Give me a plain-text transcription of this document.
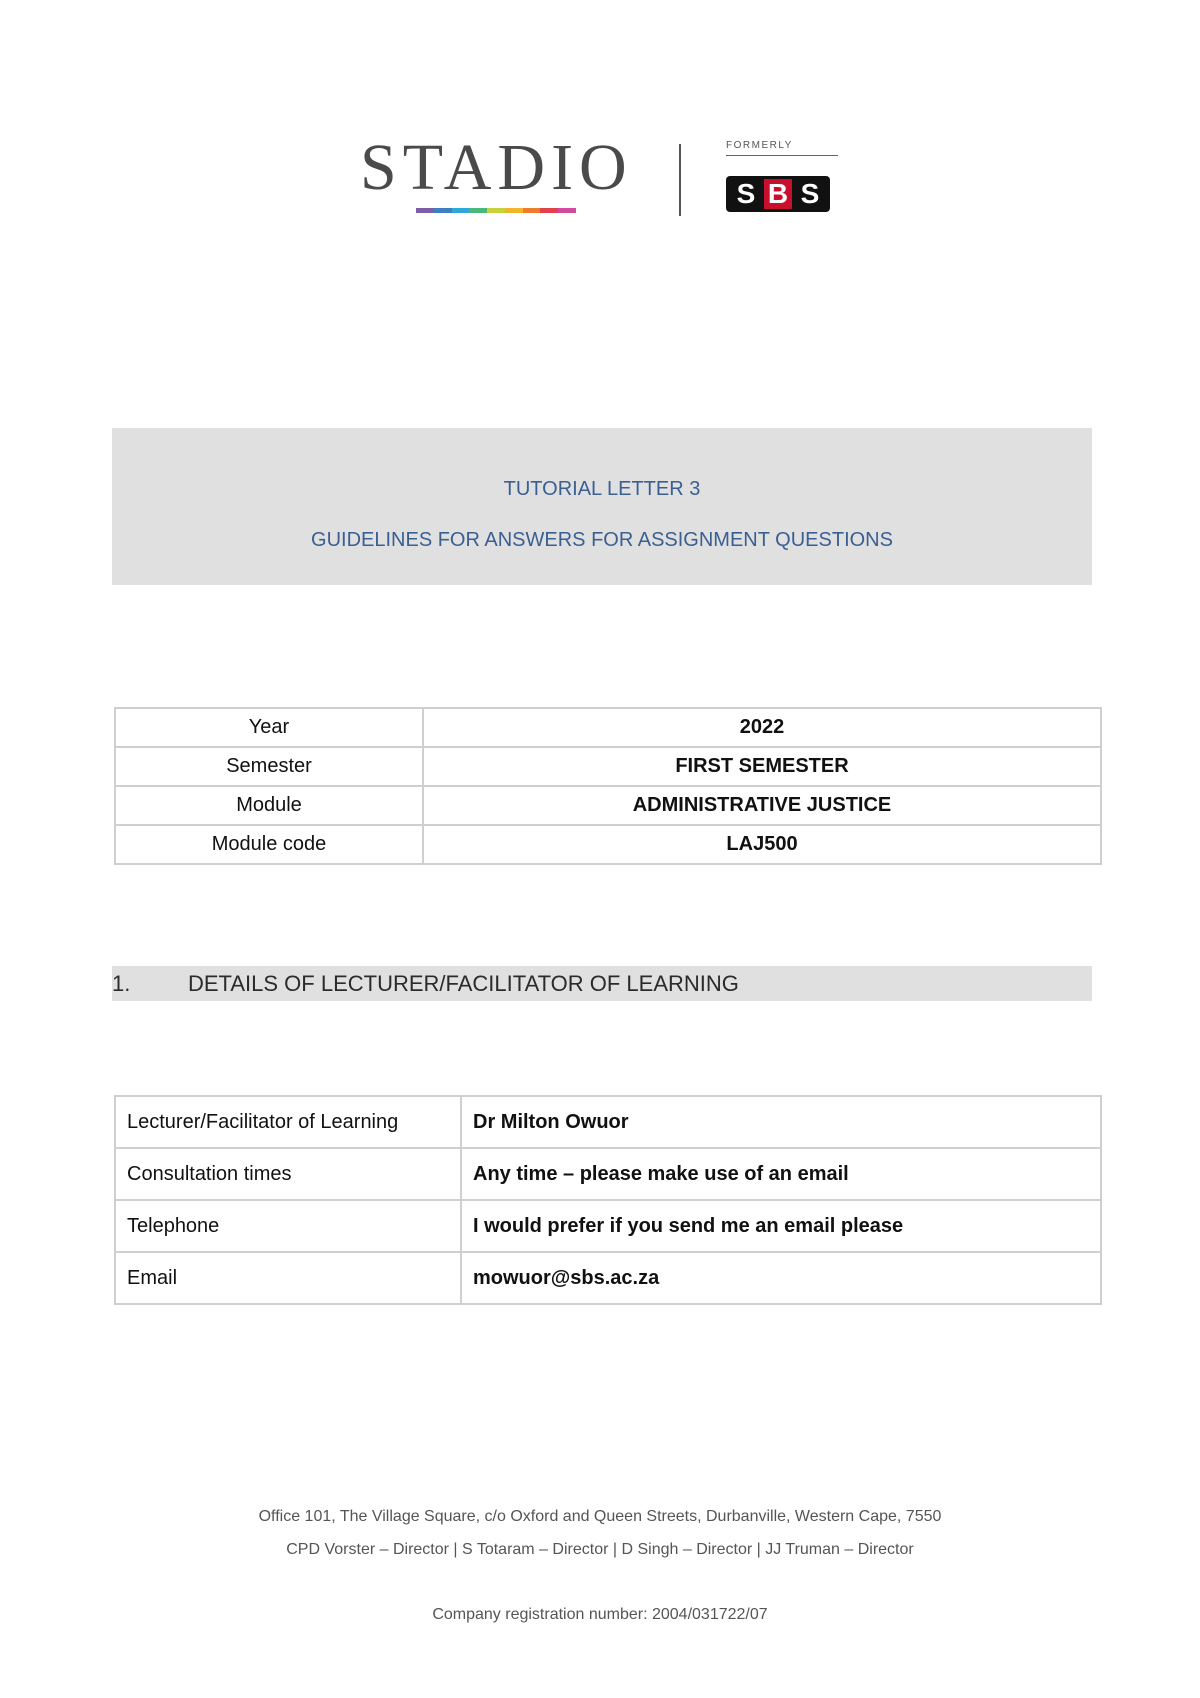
STADIO	FORMERLY
S B S
TUTORIAL LETTER 3
GUIDELINES FOR ANSWERS FOR ASSIGNMENT QUESTIONS
Year	2022
Semester	FIRST SEMESTER
Module	ADMINISTRATIVE JUSTICE
Module code	LAJ500
1.	DETAILS OF LECTURER/FACILITATOR OF LEARNING
Lecturer/Facilitator of Learning	Dr Milton Owuor
Consultation times	Any time – please make use of an email
Telephone	I would prefer if you send me an email please
Email	mowuor@sbs.ac.za
Office 101, The Village Square, c/o Oxford and Queen Streets, Durbanville, Western Cape, 7550
CPD Vorster – Director | S Totaram – Director | D Singh – Director | JJ Truman – Director
Company registration number: 2004/031722/07
